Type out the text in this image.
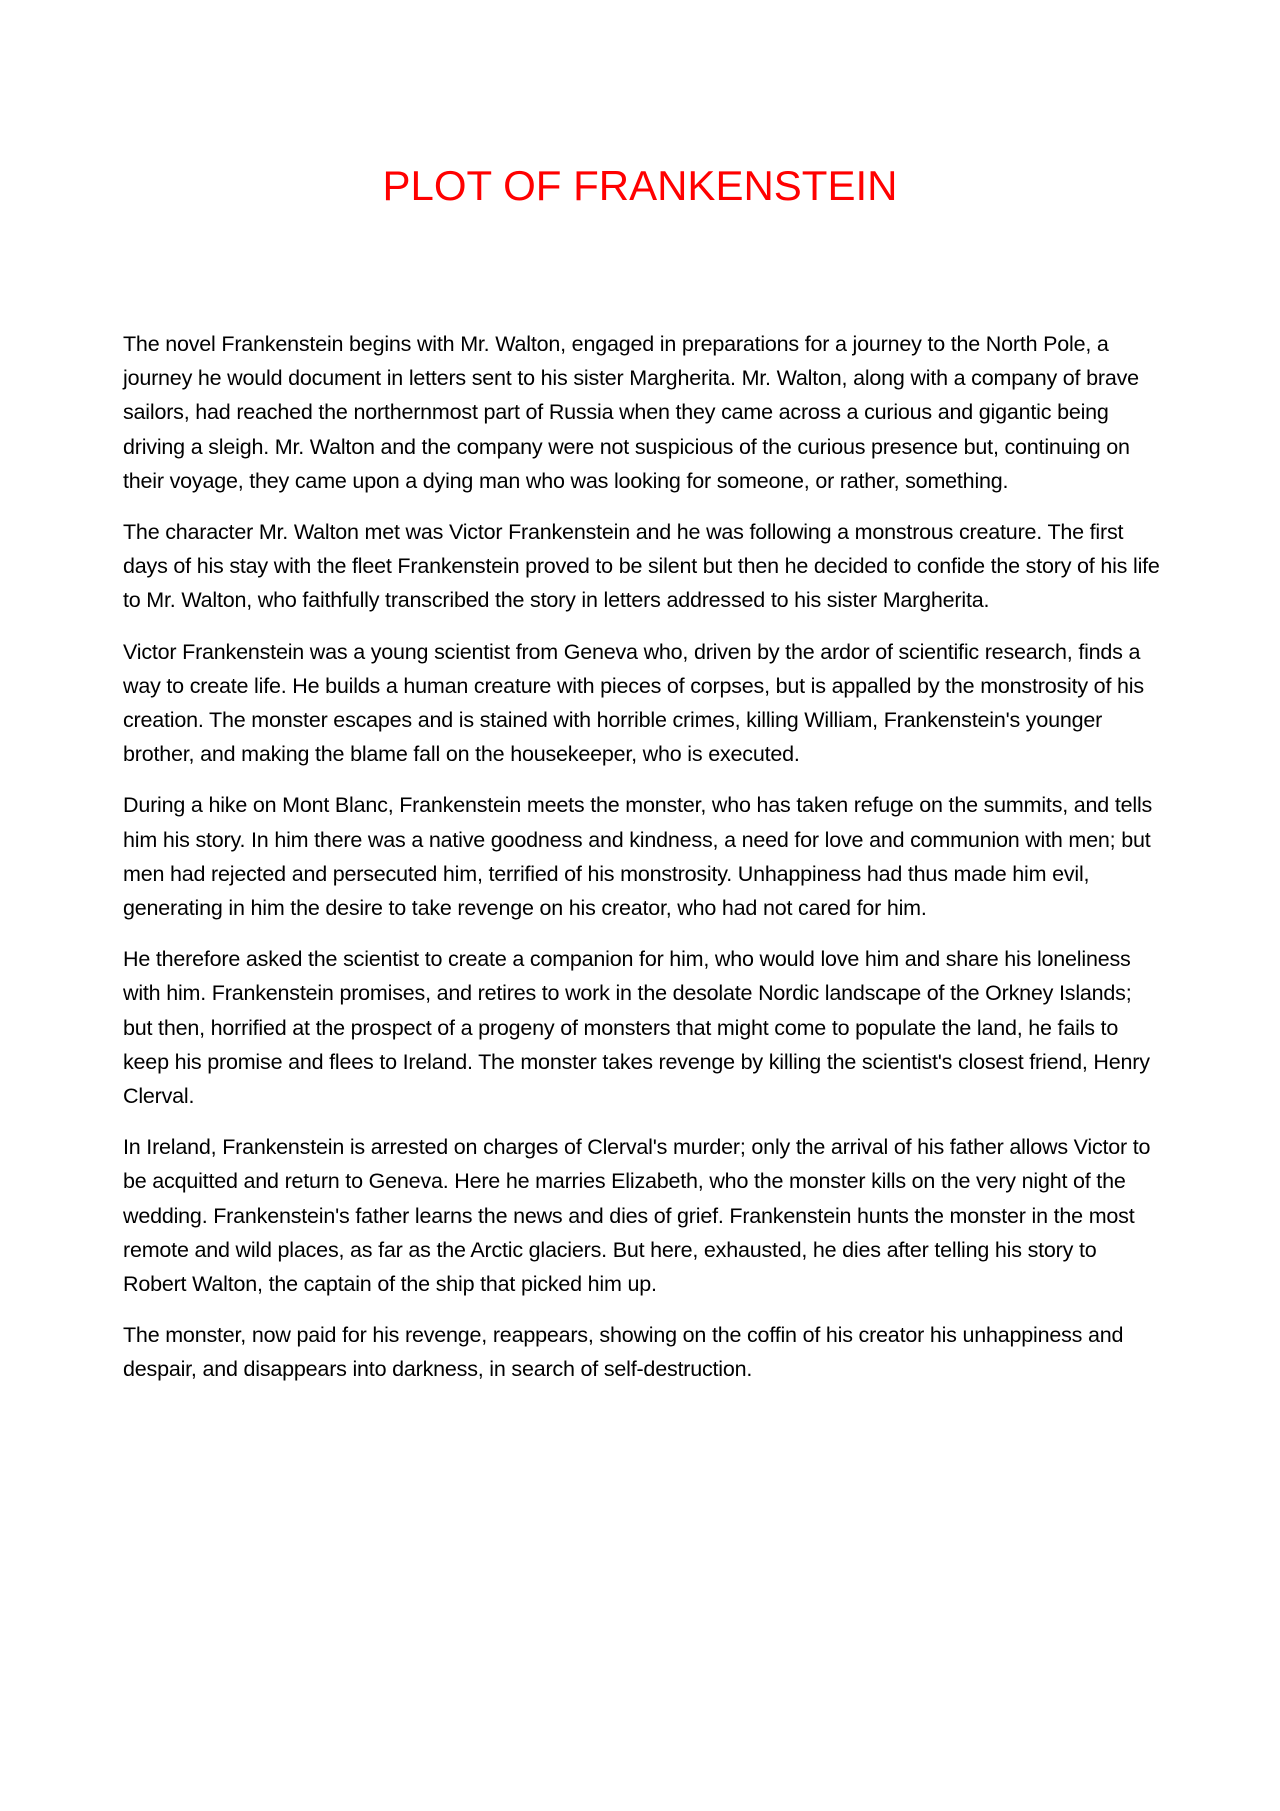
PLOT OF FRANKENSTEIN

The novel Frankenstein begins with Mr. Walton, engaged in preparations for a journey to the North Pole, a journey he would document in letters sent to his sister Margherita. Mr. Walton, along with a company of brave sailors, had reached the northernmost part of Russia when they came across a curious and gigantic being driving a sleigh. Mr. Walton and the company were not suspicious of the curious presence but, continuing on their voyage, they came upon a dying man who was looking for someone, or rather, something.

The character Mr. Walton met was Victor Frankenstein and he was following a monstrous creature. The first days of his stay with the fleet Frankenstein proved to be silent but then he decided to confide the story of his life to Mr. Walton, who faithfully transcribed the story in letters addressed to his sister Margherita.

Victor Frankenstein was a young scientist from Geneva who, driven by the ardor of scientific research, finds a way to create life. He builds a human creature with pieces of corpses, but is appalled by the monstrosity of his creation. The monster escapes and is stained with horrible crimes, killing William, Frankenstein's younger brother, and making the blame fall on the housekeeper, who is executed.

During a hike on Mont Blanc, Frankenstein meets the monster, who has taken refuge on the summits, and tells him his story. In him there was a native goodness and kindness, a need for love and communion with men; but men had rejected and persecuted him, terrified of his monstrosity. Unhappiness had thus made him evil, generating in him the desire to take revenge on his creator, who had not cared for him.

He therefore asked the scientist to create a companion for him, who would love him and share his loneliness with him. Frankenstein promises, and retires to work in the desolate Nordic landscape of the Orkney Islands; but then, horrified at the prospect of a progeny of monsters that might come to populate the land, he fails to keep his promise and flees to Ireland. The monster takes revenge by killing the scientist's closest friend, Henry Clerval.

In Ireland, Frankenstein is arrested on charges of Clerval's murder; only the arrival of his father allows Victor to be acquitted and return to Geneva. Here he marries Elizabeth, who the monster kills on the very night of the wedding. Frankenstein's father learns the news and dies of grief. Frankenstein hunts the monster in the most remote and wild places, as far as the Arctic glaciers. But here, exhausted, he dies after telling his story to Robert Walton, the captain of the ship that picked him up.

The monster, now paid for his revenge, reappears, showing on the coffin of his creator his unhappiness and despair, and disappears into darkness, in search of self-destruction.
